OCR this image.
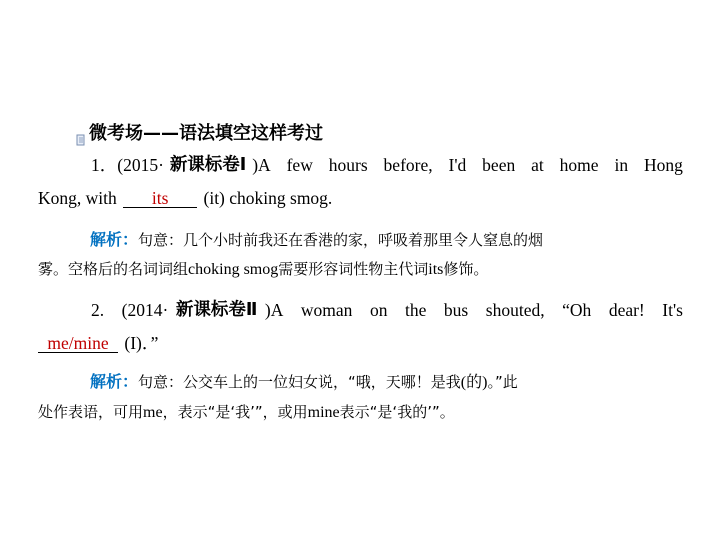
微考场——语法填空这样考过
1．(2015· 新课标卷Ⅰ )A few hours before, I'd been at home in Hong
Kong, with its (it) choking smog.
解析：句意：几个小时前我还在香港的家，呼吸着那里令人窒息的烟
雾。空格后的名词词组choking smog需要形容词性物主代词its修饰。
2. (2014· 新课标卷Ⅱ )A woman on the bus shouted, “Oh dear! It's
me/mine (I)．”
解析：句意：公交车上的一位妇女说，“哦，天哪！是我(的)。”此
处作表语，可用me，表示“是‘我’”，或用mine表示“是‘我的’”。
